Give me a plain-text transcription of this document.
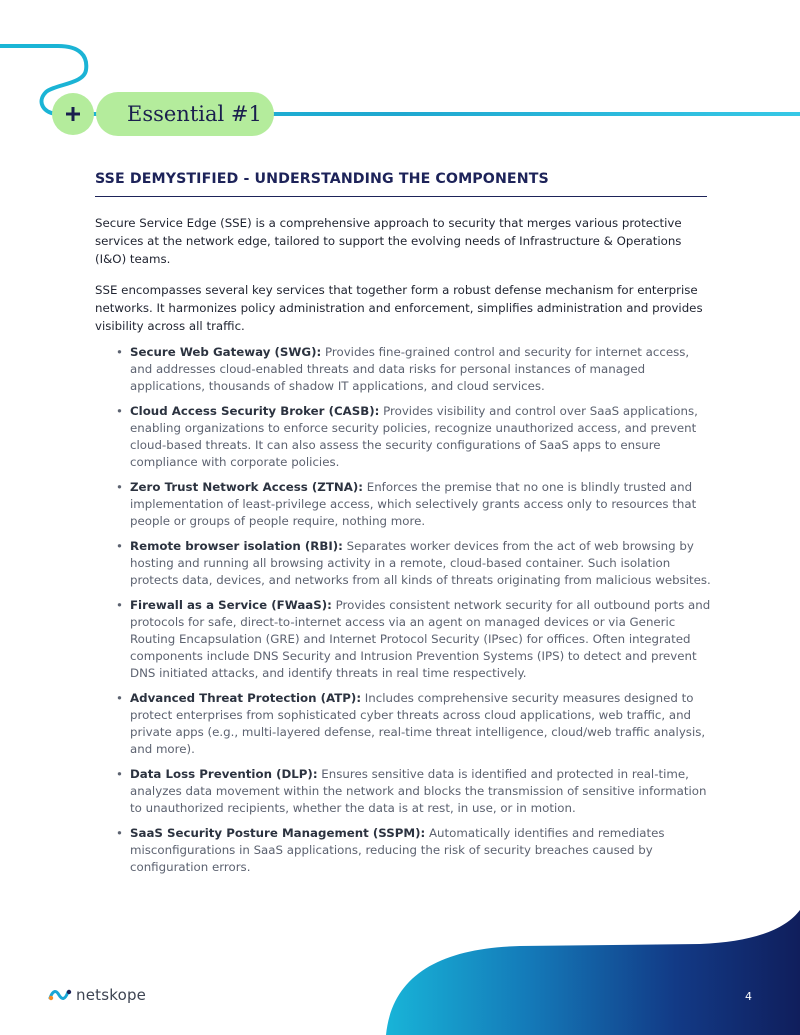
Essential #1
SSE DEMYSTIFIED - UNDERSTANDING THE COMPONENTS

Secure Service Edge (SSE) is a comprehensive approach to security that merges various protective services at the network edge, tailored to support the evolving needs of Infrastructure & Operations (I&O) teams.

SSE encompasses several key services that together form a robust defense mechanism for enterprise networks. It harmonizes policy administration and enforcement, simplifies administration and provides visibility across all traffic.

• Secure Web Gateway (SWG): Provides fine-grained control and security for internet access, and addresses cloud-enabled threats and data risks for personal instances of managed applications, thousands of shadow IT applications, and cloud services.
• Cloud Access Security Broker (CASB): Provides visibility and control over SaaS applications, enabling organizations to enforce security policies, recognize unauthorized access, and prevent cloud-based threats. It can also assess the security configurations of SaaS apps to ensure compliance with corporate policies.
• Zero Trust Network Access (ZTNA): Enforces the premise that no one is blindly trusted and implementation of least-privilege access, which selectively grants access only to resources that people or groups of people require, nothing more.
• Remote browser isolation (RBI): Separates worker devices from the act of web browsing by hosting and running all browsing activity in a remote, cloud-based container. Such isolation protects data, devices, and networks from all kinds of threats originating from malicious websites.
• Firewall as a Service (FWaaS): Provides consistent network security for all outbound ports and protocols for safe, direct-to-internet access via an agent on managed devices or via Generic Routing Encapsulation (GRE) and Internet Protocol Security (IPsec) for offices. Often integrated components include DNS Security and Intrusion Prevention Systems (IPS) to detect and prevent DNS initiated attacks, and identify threats in real time respectively.
• Advanced Threat Protection (ATP): Includes comprehensive security measures designed to protect enterprises from sophisticated cyber threats across cloud applications, web traffic, and private apps (e.g., multi-layered defense, real-time threat intelligence, cloud/web traffic analysis, and more).
• Data Loss Prevention (DLP): Ensures sensitive data is identified and protected in real-time, analyzes data movement within the network and blocks the transmission of sensitive information to unauthorized recipients, whether the data is at rest, in use, or in motion.
• SaaS Security Posture Management (SSPM): Automatically identifies and remediates misconfigurations in SaaS applications, reducing the risk of security breaches caused by configuration errors.
netskope	4
